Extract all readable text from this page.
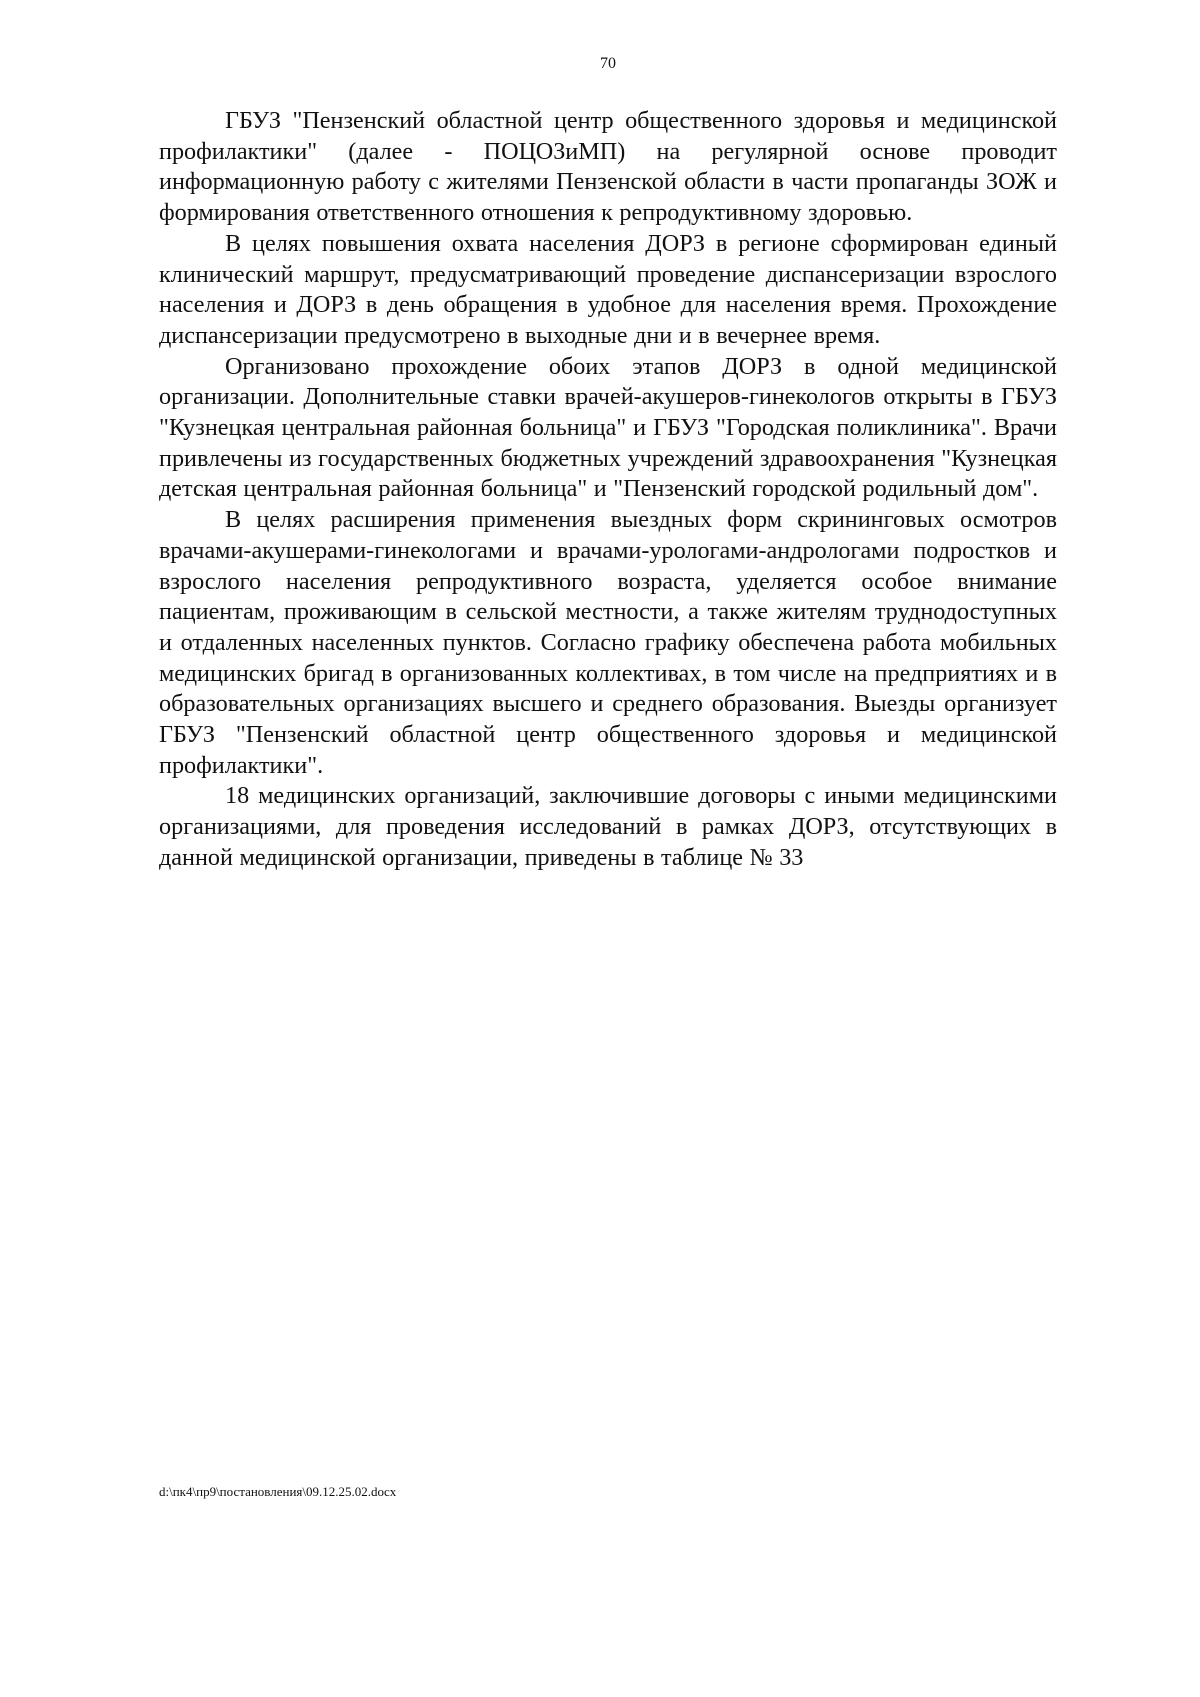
70

ГБУЗ "Пензенский областной центр общественного здоровья и медицинской профилактики" (далее - ПОЦОЗиМП) на регулярной основе проводит информационную работу с жителями Пензенской области в части пропаганды ЗОЖ и формирования ответственного отношения к репродуктивному здоровью.

В целях повышения охвата населения ДОРЗ в регионе сформирован единый клинический маршрут, предусматривающий проведение диспансеризации взрослого населения и ДОРЗ в день обращения в удобное для населения время. Прохождение диспансеризации предусмотрено в выходные дни и в вечернее время.

Организовано прохождение обоих этапов ДОРЗ в одной медицинской организации. Дополнительные ставки врачей-акушеров-гинекологов открыты в ГБУЗ "Кузнецкая центральная районная больница" и ГБУЗ "Городская поликлиника". Врачи привлечены из государственных бюджетных учреждений здравоохранения "Кузнецкая детская центральная районная больница" и "Пензенский городской родильный дом".

В целях расширения применения выездных форм скрининговых осмотров врачами-акушерами-гинекологами и врачами-урологами-андрологами подростков и взрослого населения репродуктивного возраста, уделяется особое внимание пациентам, проживающим в сельской местности, а также жителям труднодоступных и отдаленных населенных пунктов. Согласно графику обеспечена работа мобильных медицинских бригад в организованных коллективах, в том числе на предприятиях и в образовательных организациях высшего и среднего образования. Выезды организует ГБУЗ "Пензенский областной центр общественного здоровья и медицинской профилактики".

18 медицинских организаций, заключившие договоры с иными медицинскими организациями, для проведения исследований в рамках ДОРЗ, отсутствующих в данной медицинской организации, приведены в таблице № 33

d:\пк4\пр9\постановления\09.12.25.02.docx
